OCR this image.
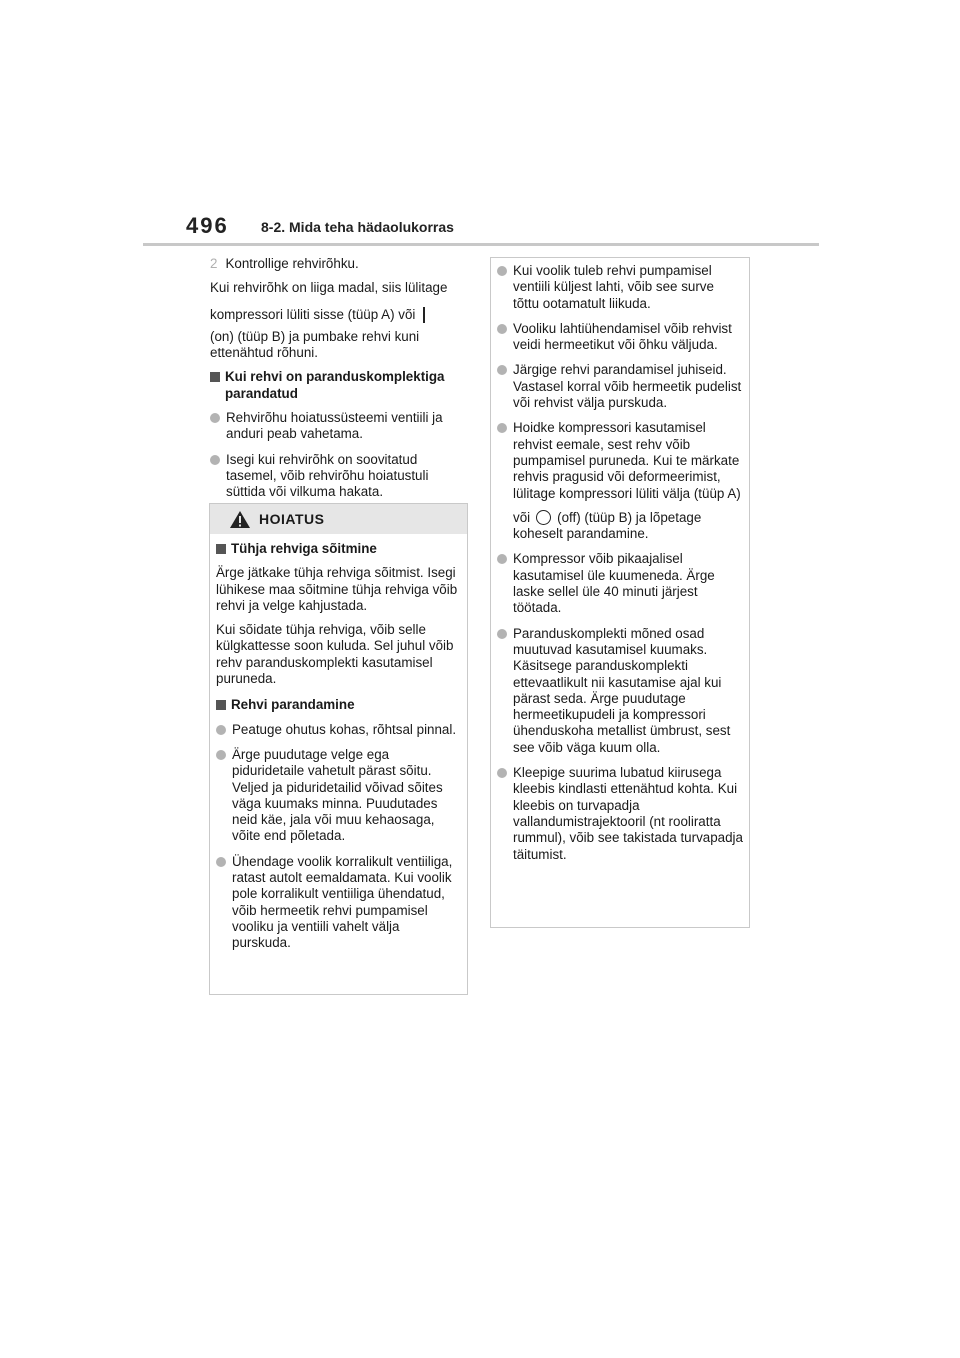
496 8-2. Mida teha hädaolukorras

2 Kontrollige rehvirõhku.

Kui rehvirõhk on liiga madal, siis lülitage
kompressori lüliti sisse (tüüp A) või
(on) (tüüp B) ja pumbake rehvi kuni ettenähtud rõhuni.

Kui rehvi on paranduskomplektiga parandatud
Rehvirõhu hoiatussüsteemi ventiili ja anduri peab vahetama.
Isegi kui rehvirõhk on soovitatud tasemel, võib rehvirõhu hoiatustuli süttida või vilkuma hakata.
HOIATUS
Tühja rehviga sõitmine

Ärge jätkake tühja rehviga sõitmist. Isegi lühikese maa sõitmine tühja rehviga võib rehvi ja velge kahjustada.

Kui sõidate tühja rehviga, võib selle külgkattesse soon kuluda. Sel juhul võib rehv paranduskomplekti kasutamisel puruneda.

Rehvi parandamine
Peatuge ohutus kohas, rõhtsal pinnal.
Ärge puudutage velge ega piduridetaile vahetult pärast sõitu. Veljed ja piduridetailid võivad sõites väga kuumaks minna. Puudutades neid käe, jala või muu kehaosaga, võite end põletada.
Ühendage voolik korralikult ventiiliga, ratast autolt eemaldamata. Kui voolik pole korralikult ventiiliga ühendatud, võib hermeetik rehvi pumpamisel vooliku ja ventiili vahelt välja purskuda.
Kui voolik tuleb rehvi pumpamisel ventiili küljest lahti, võib see surve tõttu ootamatult liikuda.
Vooliku lahtiühendamisel võib rehvist veidi hermeetikut või õhku väljuda.
Järgige rehvi parandamisel juhiseid. Vastasel korral võib hermeetik pudelist või rehvist välja purskuda.
Hoidke kompressori kasutamisel rehvist eemale, sest rehv võib pumpamisel puruneda. Kui te märkate rehvis pragusid või deformeerimist, lülitage kompressori lüliti välja (tüüp A)
või (off) (tüüp B) ja lõpetage koheselt parandamine.
Kompressor võib pikaajalisel kasutamisel üle kuumeneda. Ärge laske sellel üle 40 minuti järjest töötada.
Paranduskomplekti mõned osad muutuvad kasutamisel kuumaks. Käsitsege paranduskomplekti ettevaatlikult nii kasutamise ajal kui pärast seda. Ärge puudutage hermeetikupudeli ja kompressori ühenduskoha metallist ümbrust, sest see võib väga kuum olla.
Kleepige suurima lubatud kiirusega kleebis kindlasti ettenähtud kohta. Kui kleebis on turvapadja vallandumistrajektooril (nt rooliratta rummul), võib see takistada turvapadja täitumist.
